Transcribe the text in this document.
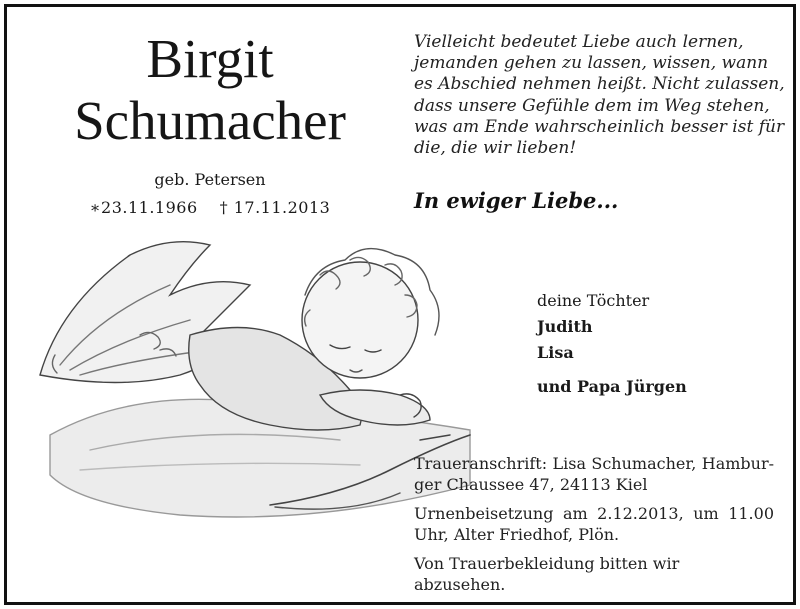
Birgit
Schumacher
geb. Petersen
∗23.11.1966 † 17.11.2013
Vielleicht bedeutet Liebe auch lernen,
jemanden gehen zu lassen, wissen, wann
es Abschied nehmen heißt. Nicht zulassen,
dass unsere Gefühle dem im Weg stehen,
was am Ende wahrscheinlich besser ist für
die, die wir lieben!
In ewiger Liebe...
deine Töchter
Judith
Lisa
und Papa Jürgen
Traueranschrift: Lisa Schumacher, Hambur-
ger Chaussee 47, 24113 Kiel
Urnenbeisetzung am 2.12.2013, um 11.00
Uhr, Alter Friedhof, Plön.
Von Trauerbekleidung bitten wir abzusehen.
